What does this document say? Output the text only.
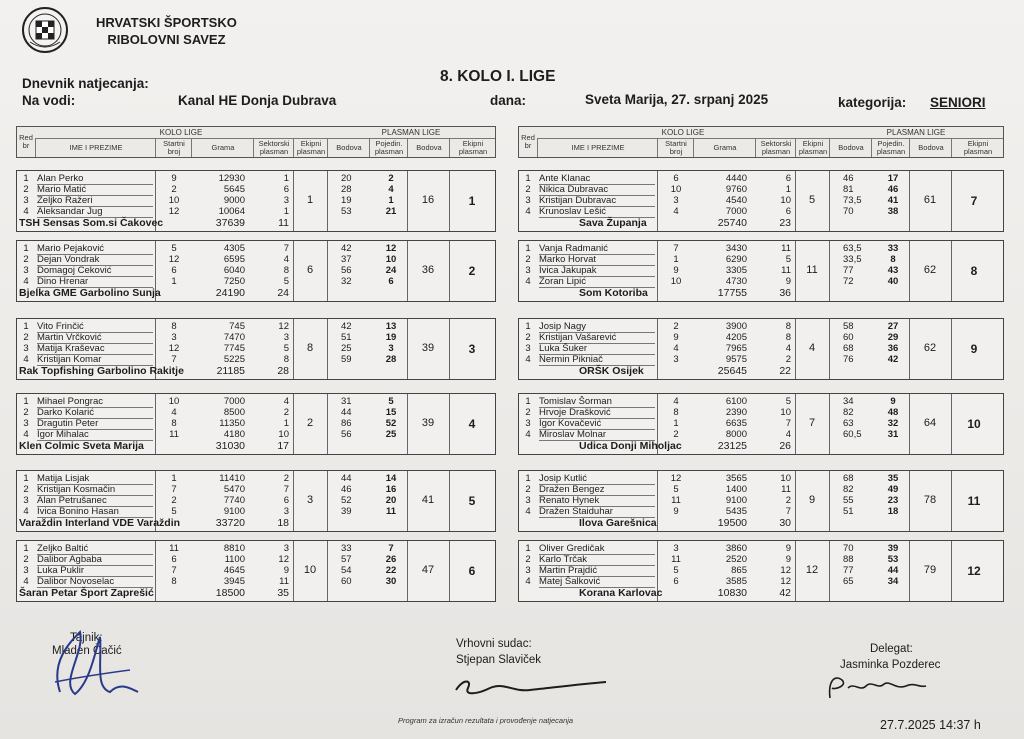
HRVATSKI ŠPORTSKO
RIBOLOVNI SAVEZ
Dnevnik natjecanja:	8. KOLO I. LIGE
Na vodi:	Kanal HE Donja Dubrava	dana:	Sveta Marija, 27. srpanj 2025	kategorija: SENIORI
Red
br	IME I PREZIME	Startni
broj	Grama	Sektorski
plasman
Ekipni
plasman	Bodova	Pojedin.
plasman	Bodova	Ekipni
plasman
KOLO LIGE	PLASMAN LIGE
1 Alan Perko	9	12930	1	20	2
2 Mario Matić	2	5645	6	28	4
3 Zeljko Ražeri	10	9000	3	19	1
4 Aleksandar Jug	12	10064	1	53	21
TSH Sensas Som.si Čakovec	37639	11
1	16	1
1 Mario Pejaković	5	4305	7	42	12
2 Dejan Vondrak	12	6595	4	37	10
3 Domagoj Ceković	6	6040	8	56	24
4 Dino Hrenar	1	7250	5	32	6
Bjelka GME Garbolino Sunja	24190	24
6	36	2
1 Vito Frinčić	8	745	12	42	13
2 Martin Vrčković	3	7470	3	51	19
3 Matija Kraševac	12	7745	5	25	3
4 Kristijan Komar	7	5225	8	59	28
Rak Topfishing Garbolino Rakitje	21185	28
8	39	3
1 Mihael Pongrac	10	7000	4	31	5
2 Darko Kolarić	4	8500	2	44	15
3 Dragutin Peter	8	11350	1	86	52
4 Igor Mihalac	11	4180	10	56	25
Klen Colmic Sveta Marija	31030	17
2	39	4
1 Matija Lisjak	1	11410	2	44	14
2 Kristijan Kosmačin	7	5470	7	46	16
3 Alan Petrušanec	2	7740	6	52	20
4 Ivica Bonino Hasan	5	9100	3	39	11
Varaždin Interland VDE Varaždin	33720	18
3	41	5
1 Zeljko Baltić	11	8810	3	33	7
2 Dalibor Agbaba	6	1100	12	57	26
3 Luka Puklir	7	4645	9	54	22
4 Dalibor Novoselac	8	3945	11	60	30
Šaran Petar Šport Zaprešić	18500	35
10	47	6
Red
br	IME I PREZIME	Startni
broj	Grama	Sektorski
plasman
Ekipni
plasman	Bodova	Pojedin.
plasman	Bodova	Ekipni
plasman
KOLO LIGE	PLASMAN LIGE
1 Ante Klanac	6	4440	6	46	17
2 Nikica Dubravac	10	9760	1	81	46
3 Kristijan Dubravac	3	4540	10	73,5	41
4 Krunoslav Lešić	4	7000	6	70	38
Sava Županja	25740	23
5	61	7
1 Vanja Radmanić	7	3430	11	63,5	33
2 Marko Horvat	1	6290	5	33,5	8
3 Ivica Jakupak	9	3305	11	77	43
4 Zoran Lipić	10	4730	9	72	40
Som Kotoriba	17755	36
11	62	8
1 Josip Nagy	2	3900	8	58	27
2 Kristijan Vašarević	9	4205	8	60	29
3 Luka Šuker	4	7965	4	68	36
4 Nermin Pikniač	3	9575	2	76	42
ORŠK Osijek	25645	22
4	62	9
1 Tomislav Šorman	4	6100	5	34	9
2 Hrvoje Drašković	8	2390	10	82	48
3 Igor Kovačević	1	6635	7	63	32
4 Miroslav Molnar	2	8000	4	60,5	31
Udica Donji Miholjac	23125	26
7	64	10
1 Josip Kutlić	12	3565	10	68	35
2 Dražen Bengez	5	1400	11	82	49
3 Renato Hynek	11	9100	2	55	23
4 Dražen Staiduhar	9	5435	7	51	18
Ilova Garešnica	19500	30
9	78	11
1 Oliver Gredičak	3	3860	9	70	39
2 Karlo Trčak	11	2520	9	88	53
3 Martin Prajdić	5	865	12	77	44
4 Matej Šalković	6	3585	12	65	34
Korana Karlovac	10830	42
12	79	12
Tajnik:
Mladen Čačić
Vrhovni sudac:
Stjepan Slaviček
Delegat:
Jasminka Pozderec
Program za izračun rezultata i provođenje natjecanja	27.7.2025 14:37 h
